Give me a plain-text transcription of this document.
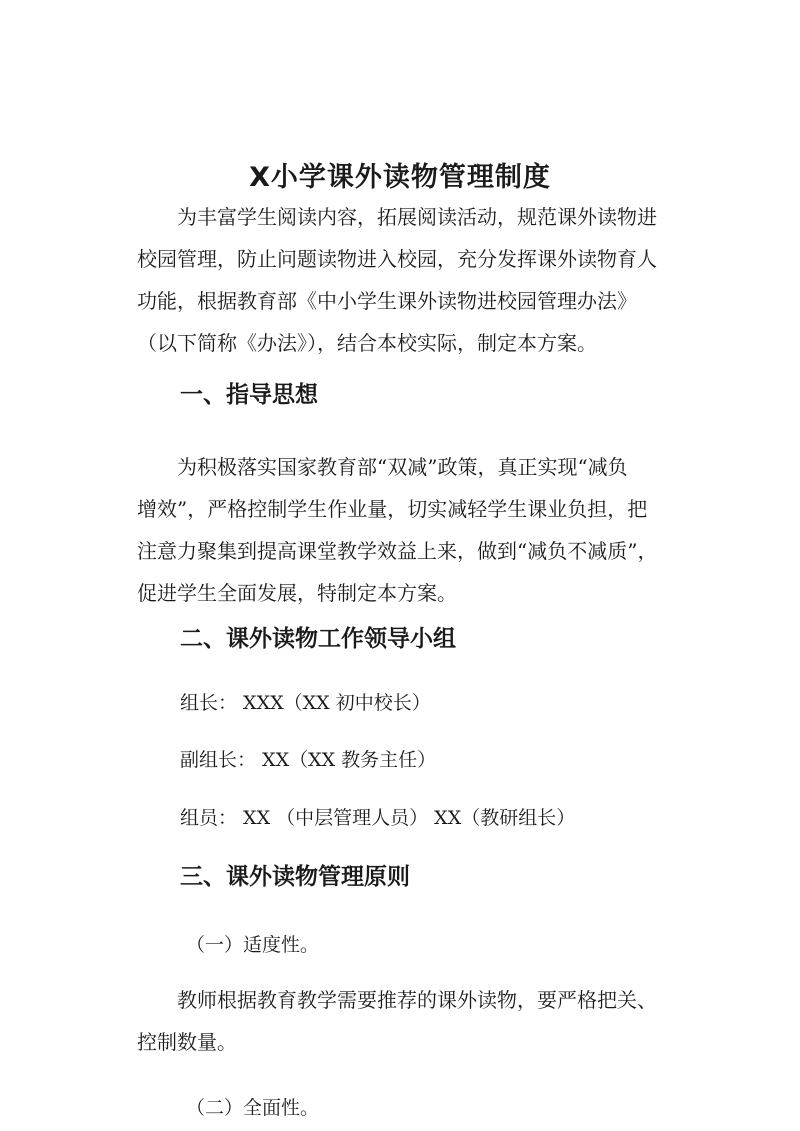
X小学课外读物管理制度

　　为丰富学生阅读内容，拓展阅读活动，规范课外读物进
校园管理，防止问题读物进入校园，充分发挥课外读物育人
功能，根据教育部《中小学生课外读物进校园管理办法》
（以下简称《办法》），结合本校实际，制定本方案。

一、指导思想

　　为积极落实国家教育部“双减”政策，真正实现“减负
增效”，严格控制学生作业量，切实减轻学生课业负担，把
注意力聚集到提高课堂教学效益上来，做到“减负不减质”，
促进学生全面发展，特制定本方案。

二、课外读物工作领导小组

组长： XXX（XX 初中校长）

副组长： XX（XX 教务主任）

组员： XX （中层管理人员） XX（教研组长）

三、课外读物管理原则

（一）适度性。

　　教师根据教育教学需要推荐的课外读物，要严格把关、
控制数量。

（二）全面性。
